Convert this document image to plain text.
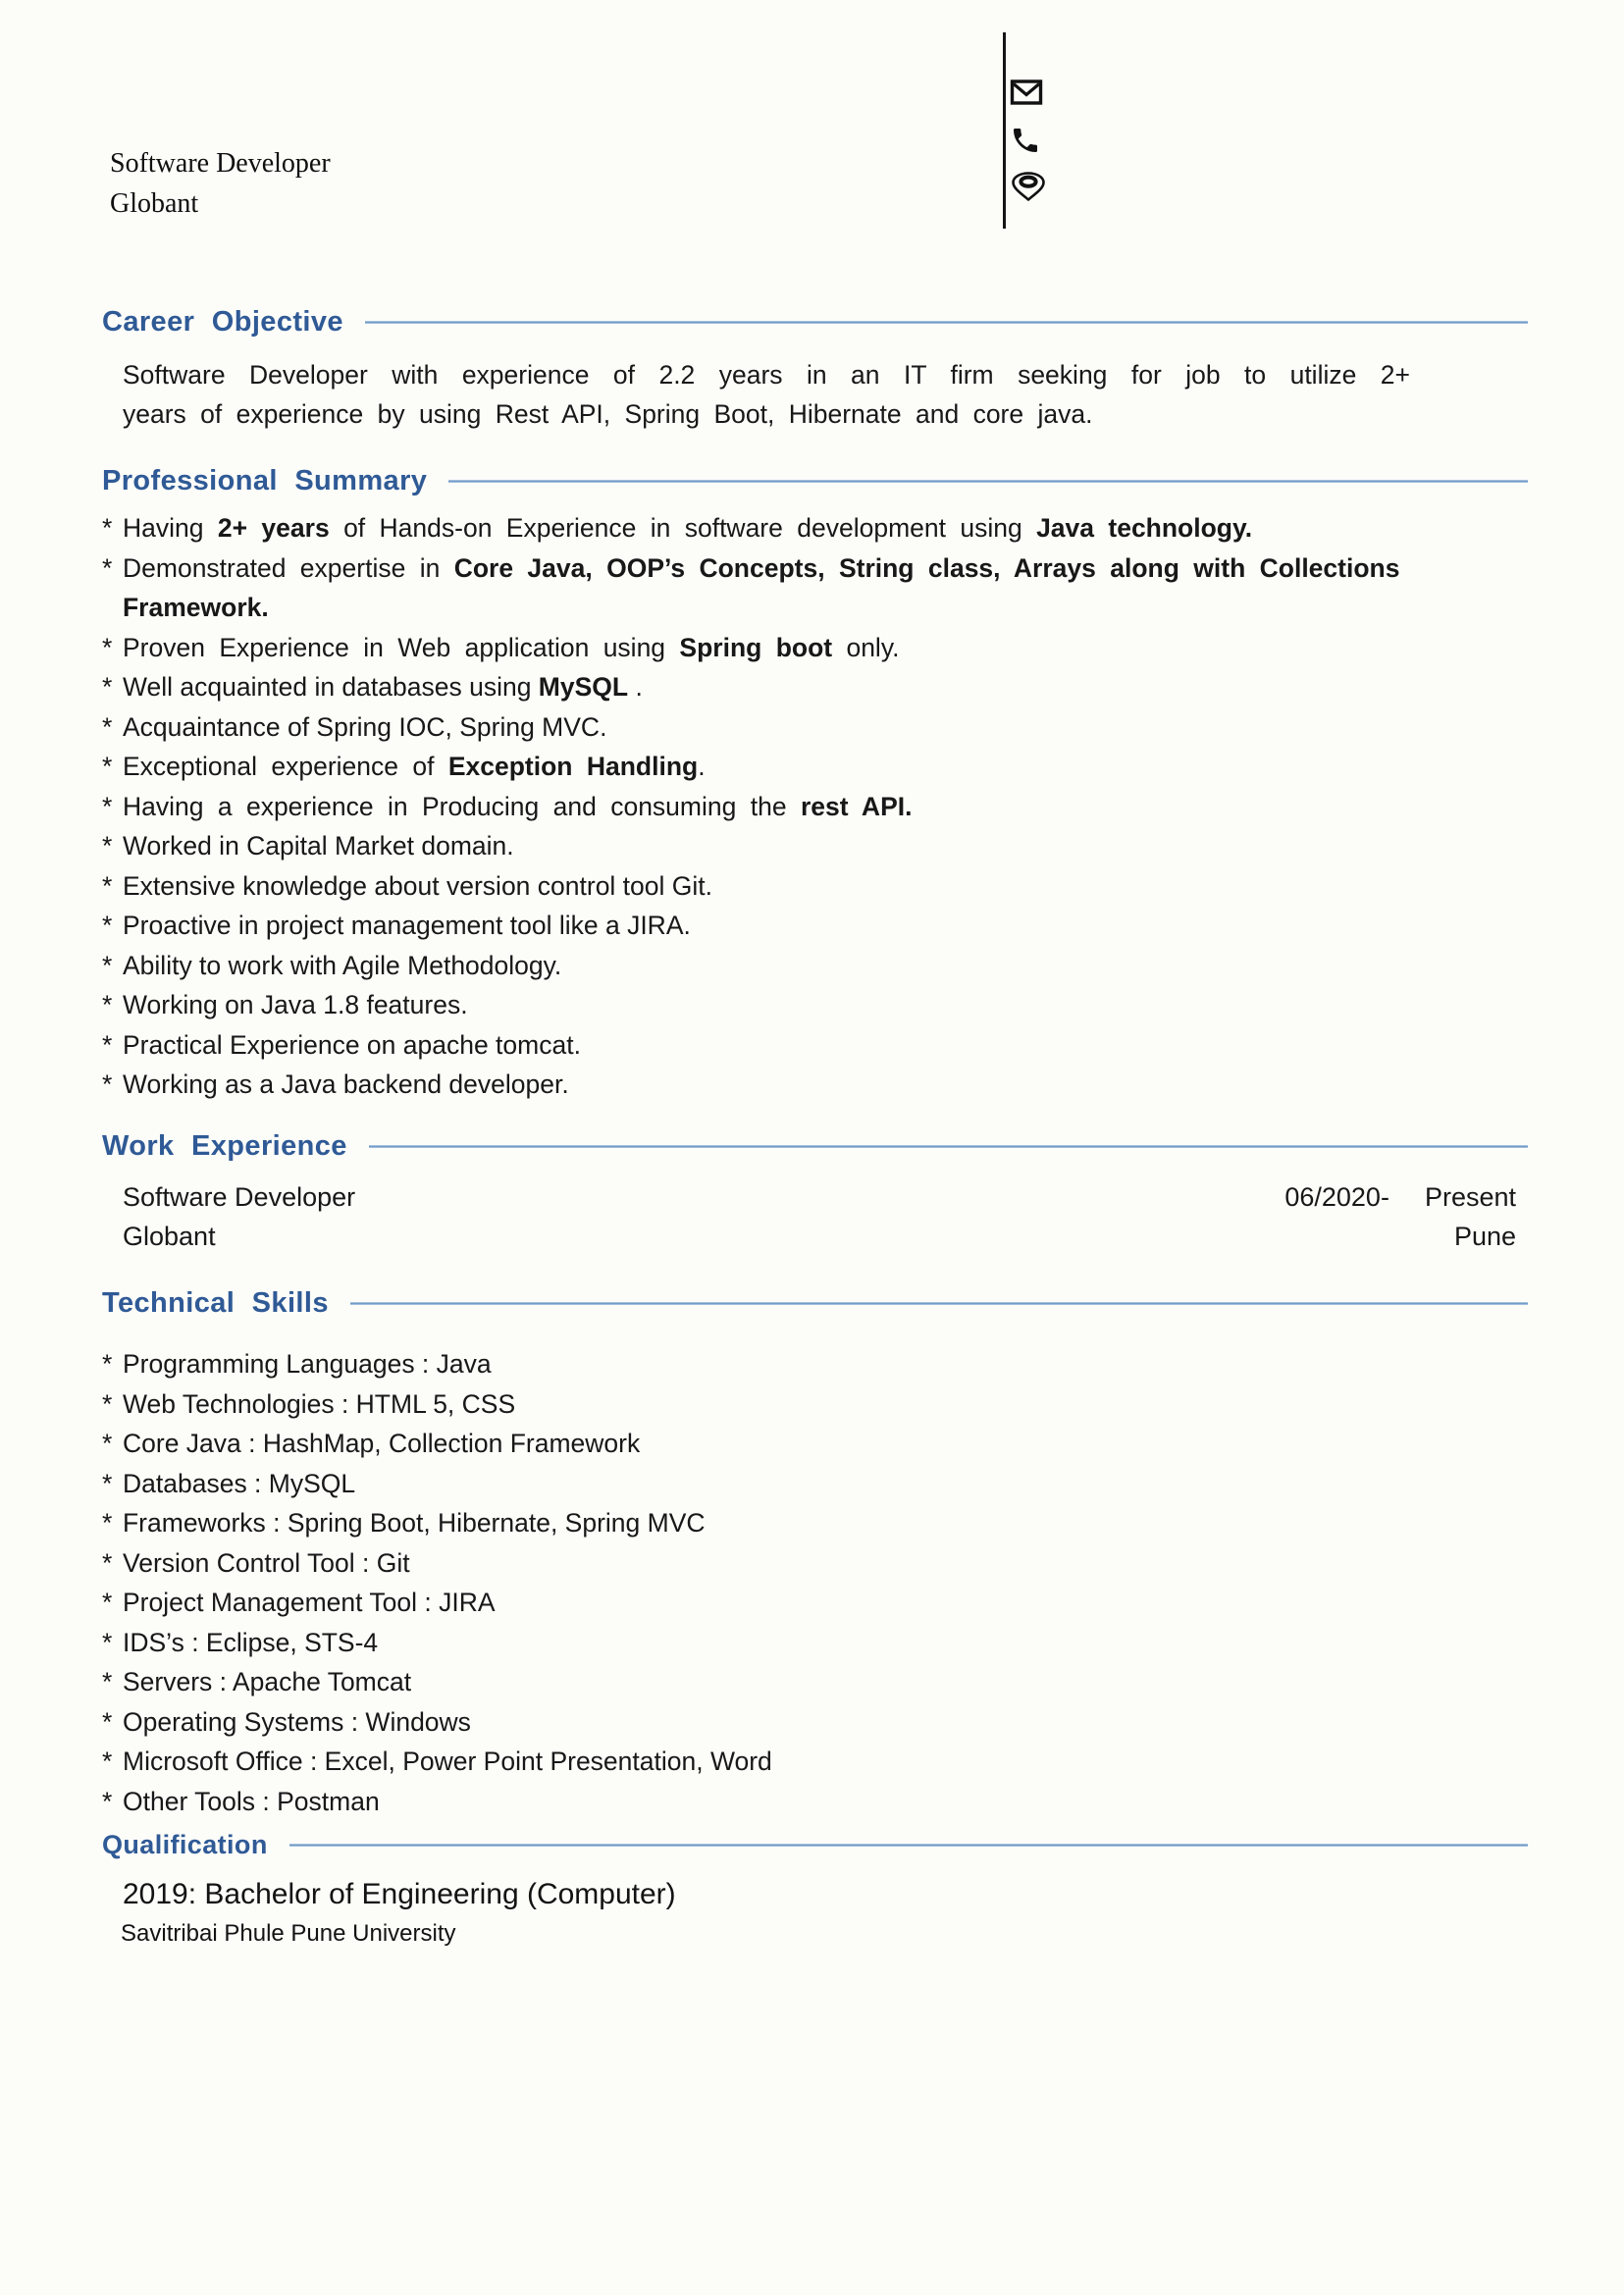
Software Developer
Globant
Career Objective
Software Developer with experience of 2.2 years in an IT firm seeking for job to utilize 2+
years of experience by using Rest API, Spring Boot, Hibernate and core java.
Professional Summary
* Having 2+ years of Hands-on Experience in software development using Java technology.
* Demonstrated expertise in Core Java, OOP’s Concepts, String class, Arrays along with Collections
Framework.
* Proven Experience in Web application using Spring boot only.
* Well acquainted in databases using MySQL .
* Acquaintance of Spring IOC, Spring MVC.
* Exceptional experience of Exception Handling.
* Having a experience in Producing and consuming the rest API.
* Worked in Capital Market domain.
* Extensive knowledge about version control tool Git.
* Proactive in project management tool like a JIRA.
* Ability to work with Agile Methodology.
* Working on Java 1.8 features.
* Practical Experience on apache tomcat.
* Working as a Java backend developer.
Work Experience
Software Developer	06/2020- Present
Globant	Pune
Technical Skills
* Programming Languages : Java
* Web Technologies : HTML 5, CSS
* Core Java : HashMap, Collection Framework
* Databases : MySQL
* Frameworks : Spring Boot, Hibernate, Spring MVC
* Version Control Tool : Git
* Project Management Tool : JIRA
* IDS’s : Eclipse, STS-4
* Servers : Apache Tomcat
* Operating Systems : Windows
* Microsoft Office : Excel, Power Point Presentation, Word
* Other Tools : Postman
Qualification
2019: Bachelor of Engineering (Computer)
Savitribai Phule Pune University
